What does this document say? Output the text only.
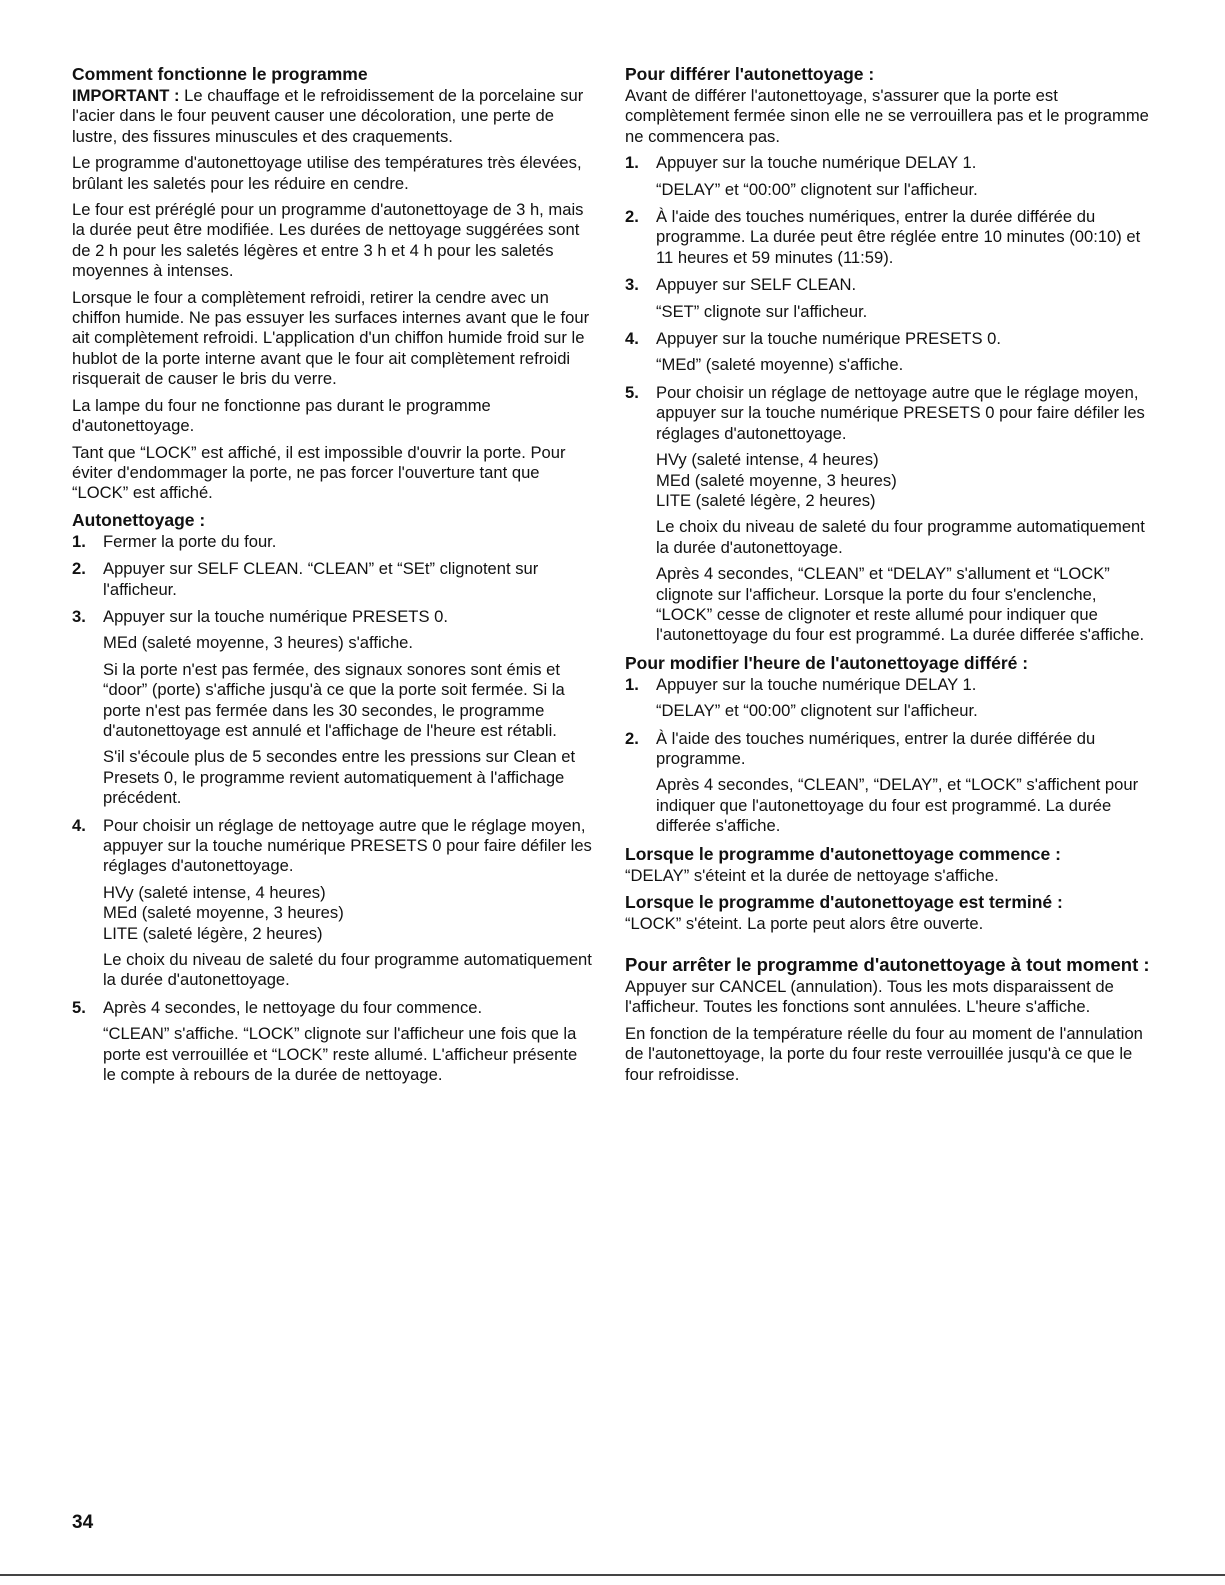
Comment fonctionne le programme

IMPORTANT : Le chauffage et le refroidissement de la porcelaine sur l'acier dans le four peuvent causer une décoloration, une perte de lustre, des fissures minuscules et des craquements.

Le programme d'autonettoyage utilise des températures très élevées, brûlant les saletés pour les réduire en cendre.

Le four est préréglé pour un programme d'autonettoyage de 3 h, mais la durée peut être modifiée. Les durées de nettoyage suggérées sont de 2 h pour les saletés légères et entre 3 h et 4 h pour les saletés moyennes à intenses.

Lorsque le four a complètement refroidi, retirer la cendre avec un chiffon humide. Ne pas essuyer les surfaces internes avant que le four ait complètement refroidi. L'application d'un chiffon humide froid sur le hublot de la porte interne avant que le four ait complètement refroidi risquerait de causer le bris du verre.

La lampe du four ne fonctionne pas durant le programme d'autonettoyage.

Tant que “LOCK” est affiché, il est impossible d'ouvrir la porte. Pour éviter d'endommager la porte, ne pas forcer l'ouverture tant que “LOCK” est affiché.

Autonettoyage :
1. Fermer la porte du four.

2. Appuyer sur SELF CLEAN. “CLEAN” et “SEt” clignotent sur l'afficheur.

3. Appuyer sur la touche numérique PRESETS 0.

MEd (saleté moyenne, 3 heures) s'affiche.

Si la porte n'est pas fermée, des signaux sonores sont émis et “door” (porte) s'affiche jusqu'à ce que la porte soit fermée. Si la porte n'est pas fermée dans les 30 secondes, le programme d'autonettoyage est annulé et l'affichage de l'heure est rétabli.

S'il s'écoule plus de 5 secondes entre les pressions sur Clean et Presets 0, le programme revient automatiquement à l'affichage précédent.

4. Pour choisir un réglage de nettoyage autre que le réglage moyen, appuyer sur la touche numérique PRESETS 0 pour faire défiler les réglages d'autonettoyage.

HVy (saleté intense, 4 heures)
MEd (saleté moyenne, 3 heures)
LITE (saleté légère, 2 heures)

Le choix du niveau de saleté du four programme automatiquement la durée d'autonettoyage.

5. Après 4 secondes, le nettoyage du four commence.

“CLEAN” s'affiche. “LOCK” clignote sur l'afficheur une fois que la porte est verrouillée et “LOCK” reste allumé. L'afficheur présente le compte à rebours de la durée de nettoyage.

Pour différer l'autonettoyage :

Avant de différer l'autonettoyage, s'assurer que la porte est complètement fermée sinon elle ne se verrouillera pas et le programme ne commencera pas.

1. Appuyer sur la touche numérique DELAY 1.

“DELAY” et “00:00” clignotent sur l'afficheur.

2. À l'aide des touches numériques, entrer la durée différée du programme. La durée peut être réglée entre 10 minutes (00:10) et 11 heures et 59 minutes (11:59).

3. Appuyer sur SELF CLEAN.

“SET” clignote sur l'afficheur.

4. Appuyer sur la touche numérique PRESETS 0.

“MEd” (saleté moyenne) s'affiche.

5. Pour choisir un réglage de nettoyage autre que le réglage moyen, appuyer sur la touche numérique PRESETS 0 pour faire défiler les réglages d'autonettoyage.

HVy (saleté intense, 4 heures)
MEd (saleté moyenne, 3 heures)
LITE (saleté légère, 2 heures)

Le choix du niveau de saleté du four programme automatiquement la durée d'autonettoyage.

Après 4 secondes, “CLEAN” et “DELAY” s'allument et “LOCK” clignote sur l'afficheur. Lorsque la porte du four s'enclenche, “LOCK” cesse de clignoter et reste allumé pour indiquer que l'autonettoyage du four est programmé. La durée differée s'affiche.

Pour modifier l'heure de l'autonettoyage différé :
1. Appuyer sur la touche numérique DELAY 1.

“DELAY” et “00:00” clignotent sur l'afficheur.

2. À l'aide des touches numériques, entrer la durée différée du programme.

Après 4 secondes, “CLEAN”, “DELAY”, et “LOCK” s'affichent pour indiquer que l'autonettoyage du four est programmé. La durée differée s'affiche.

Lorsque le programme d'autonettoyage commence :

“DELAY” s'éteint et la durée de nettoyage s'affiche.

Lorsque le programme d'autonettoyage est terminé :

“LOCK” s'éteint. La porte peut alors être ouverte.

Pour arrêter le programme d'autonettoyage à tout moment :

Appuyer sur CANCEL (annulation). Tous les mots disparaissent de l'afficheur. Toutes les fonctions sont annulées. L'heure s'affiche.

En fonction de la température réelle du four au moment de l'annulation de l'autonettoyage, la porte du four reste verrouillée jusqu'à ce que le four refroidisse.

34
